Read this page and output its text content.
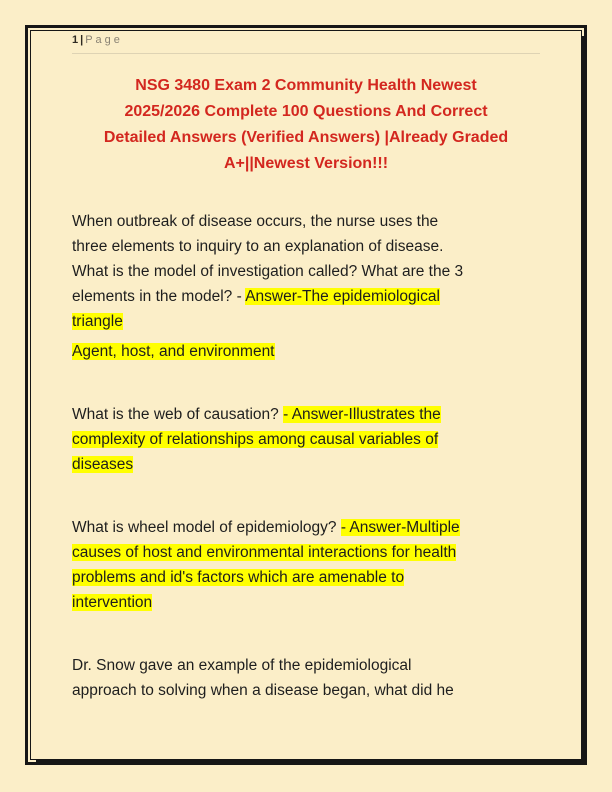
1 | Page
NSG 3480 Exam 2 Community Health Newest
2025/2026 Complete 100 Questions And Correct
Detailed Answers (Verified Answers) |Already Graded
A+||Newest Version!!!
When outbreak of disease occurs, the nurse uses the
three elements to inquiry to an explanation of disease.
What is the model of investigation called? What are the 3
elements in the model? - Answer-The epidemiological
triangle
Agent, host, and environment
What is the web of causation? - Answer-Illustrates the
complexity of relationships among causal variables of
diseases
What is wheel model of epidemiology? - Answer-Multiple
causes of host and environmental interactions for health
problems and id's factors which are amenable to
intervention
Dr. Snow gave an example of the epidemiological
approach to solving when a disease began, what did he
